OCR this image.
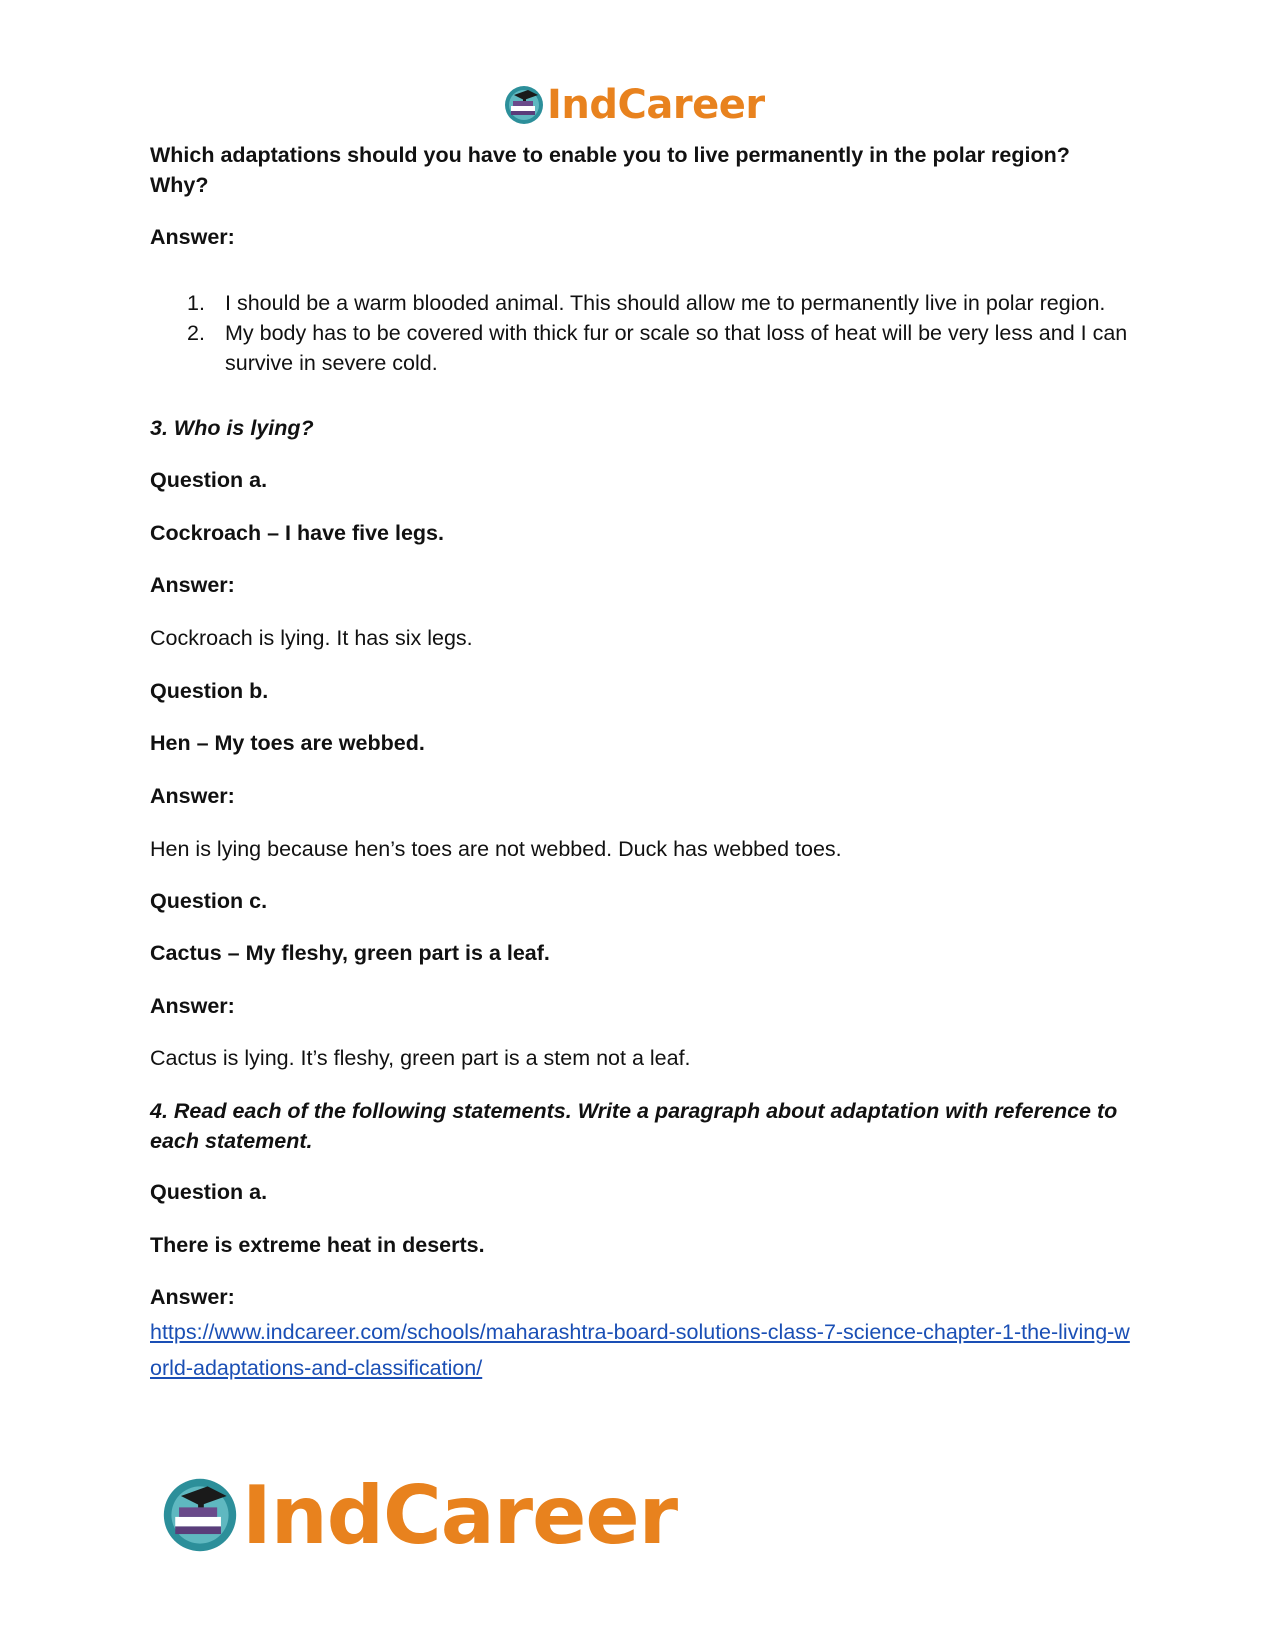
IndCareer

Which adaptations should you have to enable you to live permanently in the polar region? Why?

Answer:

1. I should be a warm blooded animal. This should allow me to permanently live in polar region.
2. My body has to be covered with thick fur or scale so that loss of heat will be very less and I can survive in severe cold.

3. Who is lying?

Question a.

Cockroach – I have five legs.

Answer:

Cockroach is lying. It has six legs.

Question b.

Hen – My toes are webbed.

Answer:

Hen is lying because hen’s toes are not webbed. Duck has webbed toes.

Question c.

Cactus – My fleshy, green part is a leaf.

Answer:

Cactus is lying. It’s fleshy, green part is a stem not a leaf.

4. Read each of the following statements. Write a paragraph about adaptation with reference to each statement.

Question a.

There is extreme heat in deserts.

Answer:

https://www.indcareer.com/schools/maharashtra-board-solutions-class-7-science-chapter-1-the-living-world-adaptations-and-classification/

IndCareer
